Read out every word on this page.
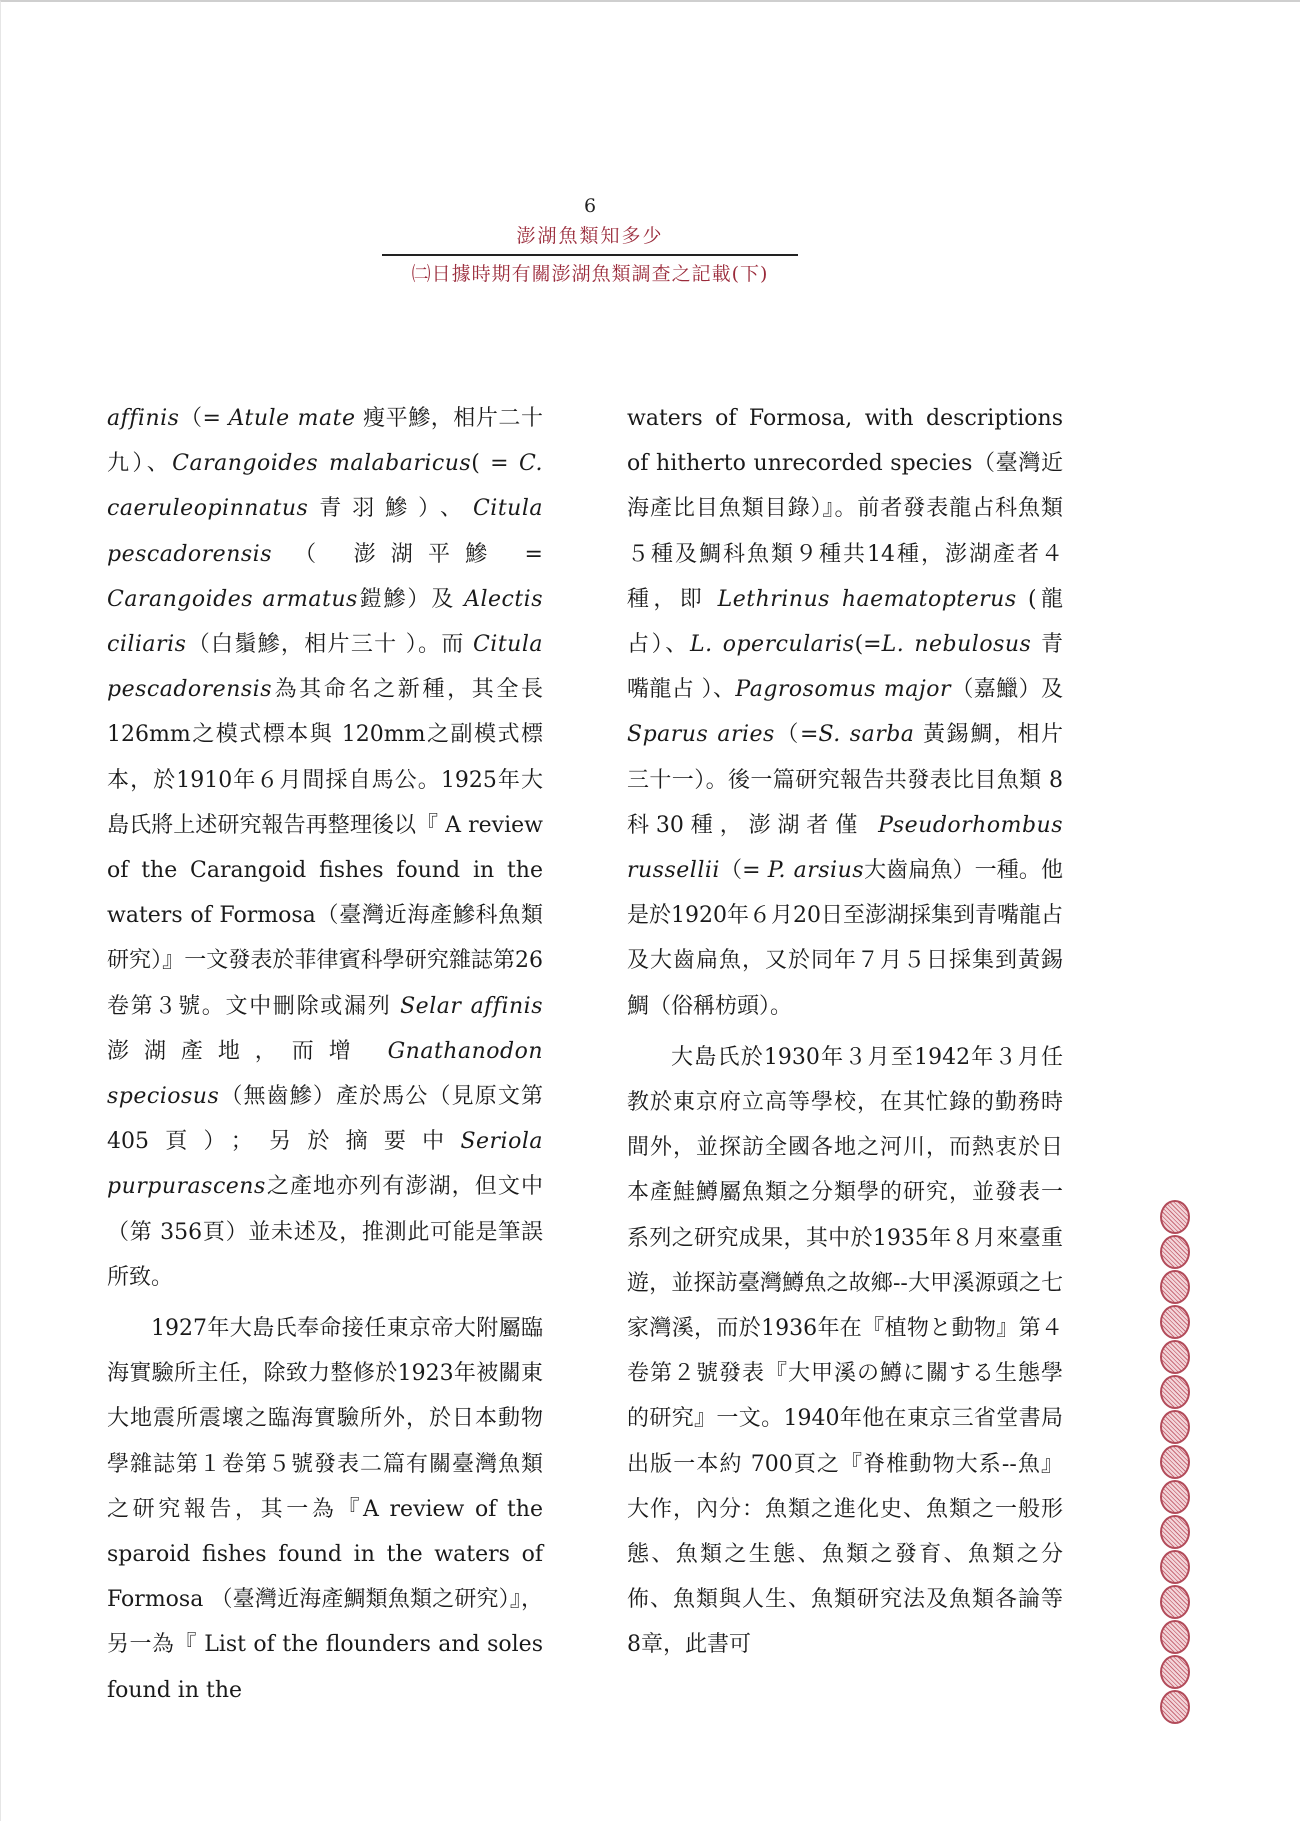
6
澎湖魚類知多少
㈡日據時期有關澎湖魚類調查之記載(下)

affinis（= Atule mate 瘦平鰺，相片二十九）、Carangoides malabaricus( = C. caeruleopinnatus青羽鰺）、Citula pescadorensis （ 澎湖平鰺 = Carangoides armatus鎧鰺）及 Alectis ciliaris（白鬚鰺，相片三十 ）。而 Citula pescadorensis為其命名之新種，其全長 126mm之模式標本與 120mm之副模式標本，於1910年６月間採自馬公。1925年大島氏將上述研究報告再整理後以『 A review of the Carangoid fishes found in the waters of Formosa（臺灣近海產鰺科魚類研究）』一文發表於菲律賓科學研究雜誌第26卷第３號。文中刪除或漏列 Selar affinis 澎湖產地，而增 Gnathanodon speciosus（無齒鰺）產於馬公（見原文第 405頁）；另於摘要中Seriola purpurascens之產地亦列有澎湖，但文中（第 356頁）並未述及，推測此可能是筆誤所致。

1927年大島氏奉命接任東京帝大附屬臨海實驗所主任，除致力整修於1923年被關東大地震所震壞之臨海實驗所外，於日本動物學雜誌第１卷第５號發表二篇有關臺灣魚類之研究報告，其一為『A review of the sparoid fishes found in the waters of Formosa （臺灣近海產鯛類魚類之研究）』，另一為『 List of the flounders and soles found in the

waters of Formosa, with descriptions of hitherto unrecorded species（臺灣近海產比目魚類目錄）』。前者發表龍占科魚類５種及鯛科魚類９種共14種，澎湖產者４種，即 Lethrinus haematopterus (龍占）、L. opercularis(=L. nebulosus 青嘴龍占 ）、Pagrosomus major（嘉鱲）及Sparus aries（=S. sarba 黃錫鯛，相片三十一）。後一篇研究報告共發表比目魚類 8科30種，澎湖者僅 Pseudorhombus russellii（= P. arsius大齒扁魚）一種。他是於1920年６月20日至澎湖採集到青嘴龍占及大齒扁魚，又於同年７月５日採集到黃錫鯛（俗稱枋頭）。

大島氏於1930年３月至1942年３月任教於東京府立高等學校，在其忙錄的勤務時間外，並探訪全國各地之河川，而熱衷於日本產鮭鱒屬魚類之分類學的研究，並發表一系列之研究成果，其中於1935年８月來臺重遊，並探訪臺灣鱒魚之故鄉--大甲溪源頭之七家灣溪，而於1936年在『植物と動物』第４卷第２號發表『大甲溪の鱒に關する生態學的研究』一文。1940年他在東京三省堂書局出版一本約 700頁之『脊椎動物大系--魚』大作，內分：魚類之進化史、魚類之一般形態、魚類之生態、魚類之發育、魚類之分佈、魚類與人生、魚類研究法及魚類各論等 8章，此書可
